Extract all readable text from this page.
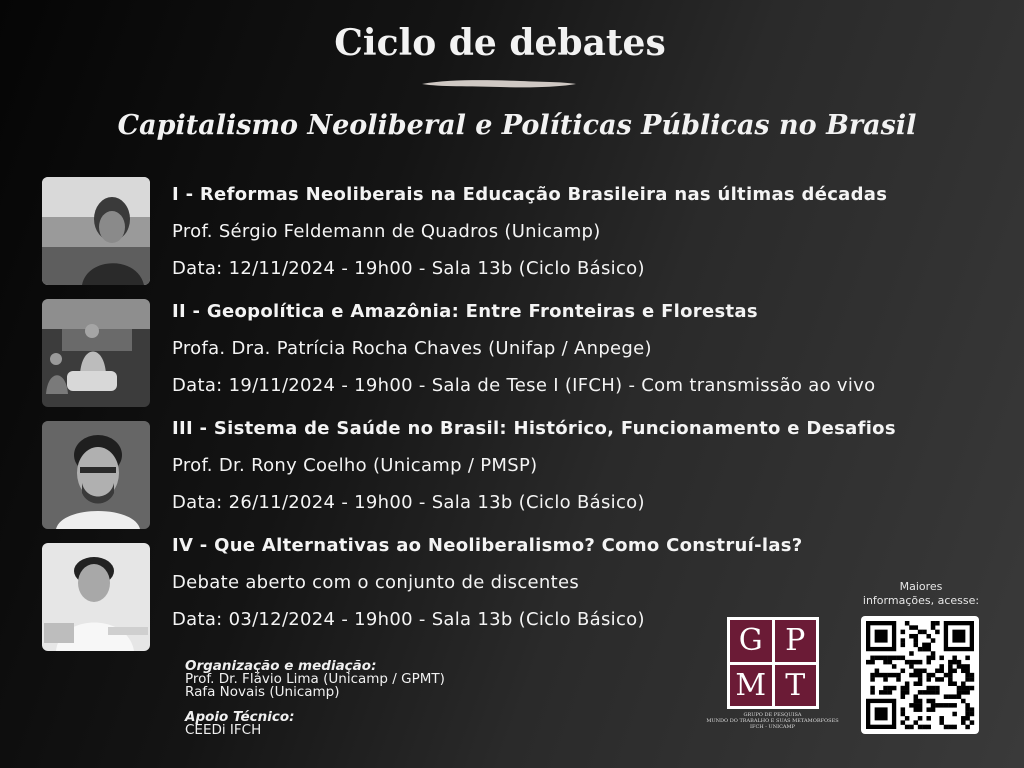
Ciclo de debates
Capitalismo Neoliberal e Políticas Públicas no Brasil
I - Reformas Neoliberais na Educação Brasileira nas últimas décadas
Prof. Sérgio Feldemann de Quadros (Unicamp)
Data: 12/11/2024 - 19h00 - Sala 13b (Ciclo Básico)
II - Geopolítica e Amazônia: Entre Fronteiras e Florestas
Profa. Dra. Patrícia Rocha Chaves (Unifap / Anpege)
Data: 19/11/2024 - 19h00 - Sala de Tese I (IFCH) - Com transmissão ao vivo
III - Sistema de Saúde no Brasil: Histórico, Funcionamento e Desafios
Prof. Dr. Rony Coelho (Unicamp / PMSP)
Data: 26/11/2024 - 19h00 - Sala 13b (Ciclo Básico)
IV - Que Alternativas ao Neoliberalismo? Como Construí-las?
Debate aberto com o conjunto de discentes
Data: 03/12/2024 - 19h00 - Sala 13b (Ciclo Básico)
Organização e mediação:
Prof. Dr. Flávio Lima (Unicamp / GPMT)
Rafa Novais (Unicamp)
Apoio Técnico:
CEEDi IFCH
G P
M T
GRUPO DE PESQUISA
MUNDO DO TRABALHO E SUAS METAMORFOSES
IFCH - UNICAMP
Maiores
informações, acesse:
